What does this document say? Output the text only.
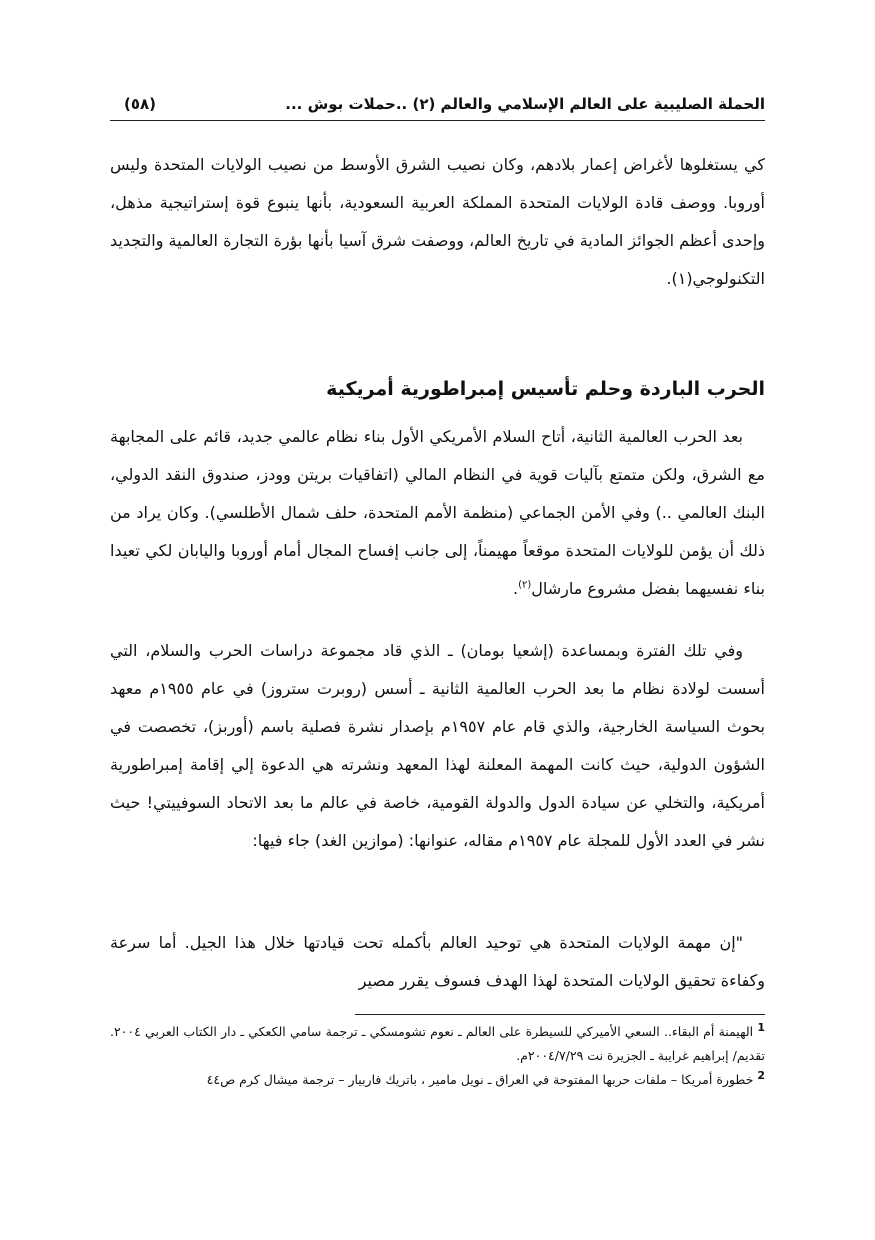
(٥٨)	الحملة الصليبية على العالم الإسلامي والعالم (٢) ..حملات بوش ...

كي يستغلوها لأغراض إعمار بلادهم، وكان نصيب الشرق الأوسط من نصيب الولايات المتحدة وليس أوروبا. ووصف قادة الولايات المتحدة المملكة العربية السعودية، بأنها ينبوع قوة إستراتيجية مذهل، وإحدى أعظم الجوائز المادية في تاريخ العالم، ووصفت شرق آسيا بأنها بؤرة التجارة العالمية والتجديد التكنولوجي(١).

الحرب الباردة وحلم تأسيس إمبراطورية أمريكية

بعد الحرب العالمية الثانية، أتاح السلام الأمريكي الأول بناء نظام عالمي جديد، قائم على المجابهة مع الشرق، ولكن متمتع بآليات قوية في النظام المالي (اتفاقيات بريتن وودز، صندوق النقد الدولي، البنك العالمي ..) وفي الأمن الجماعي (منظمة الأمم المتحدة، حلف شمال الأطلسي). وكان يراد من ذلك أن يؤمن للولايات المتحدة موقعاً مهيمناً، إلى جانب إفساح المجال أمام أوروبا واليابان لكي تعيدا بناء نفسيهما بفضل مشروع مارشال$^{(٢)}$.

وفي تلك الفترة وبمساعدة (إشعيا بومان) ـ الذي قاد مجموعة دراسات الحرب والسلام، التي أسست لولادة نظام ما بعد الحرب العالمية الثانية ـ أسس (روبرت ستروز) في عام ١٩٥٥م معهد بحوث السياسة الخارجية، والذي قام عام ١٩٥٧م بإصدار نشرة فصلية باسم (أوربز)، تخصصت في الشؤون الدولية، حيث كانت المهمة المعلنة لهذا المعهد ونشرته هي الدعوة إلي إقامة إمبراطورية أمريكية، والتخلي عن سيادة الدول والدولة القومية، خاصة في عالم ما بعد الاتحاد السوفييتي! حيث نشر في العدد الأول للمجلة عام ١٩٥٧م مقاله، عنوانها: (موازين الغد) جاء فيها:

"إن مهمة الولايات المتحدة هي توحيد العالم بأكمله تحت قيادتها خلال هذا الجيل. أما سرعة وكفاءة تحقيق الولايات المتحدة لهذا الهدف فسوف يقرر مصير

1 الهيمنة أم البقاء.. السعي الأميركي للسيطرة على العالم ـ نعوم تشومسكي ـ ترجمة سامي الكعكي ـ دار الكتاب العربي ٢٠٠٤. تقديم/ إبراهيم غرايبة ـ الجزيرة نت ٢٠٠٤/٧/٢٩م.

2 خطورة أمريكا – ملفات حربها المفتوحة في العراق ـ نويل مامير ، باتريك فاربيار – ترجمة ميشال كرم ص٤٤
